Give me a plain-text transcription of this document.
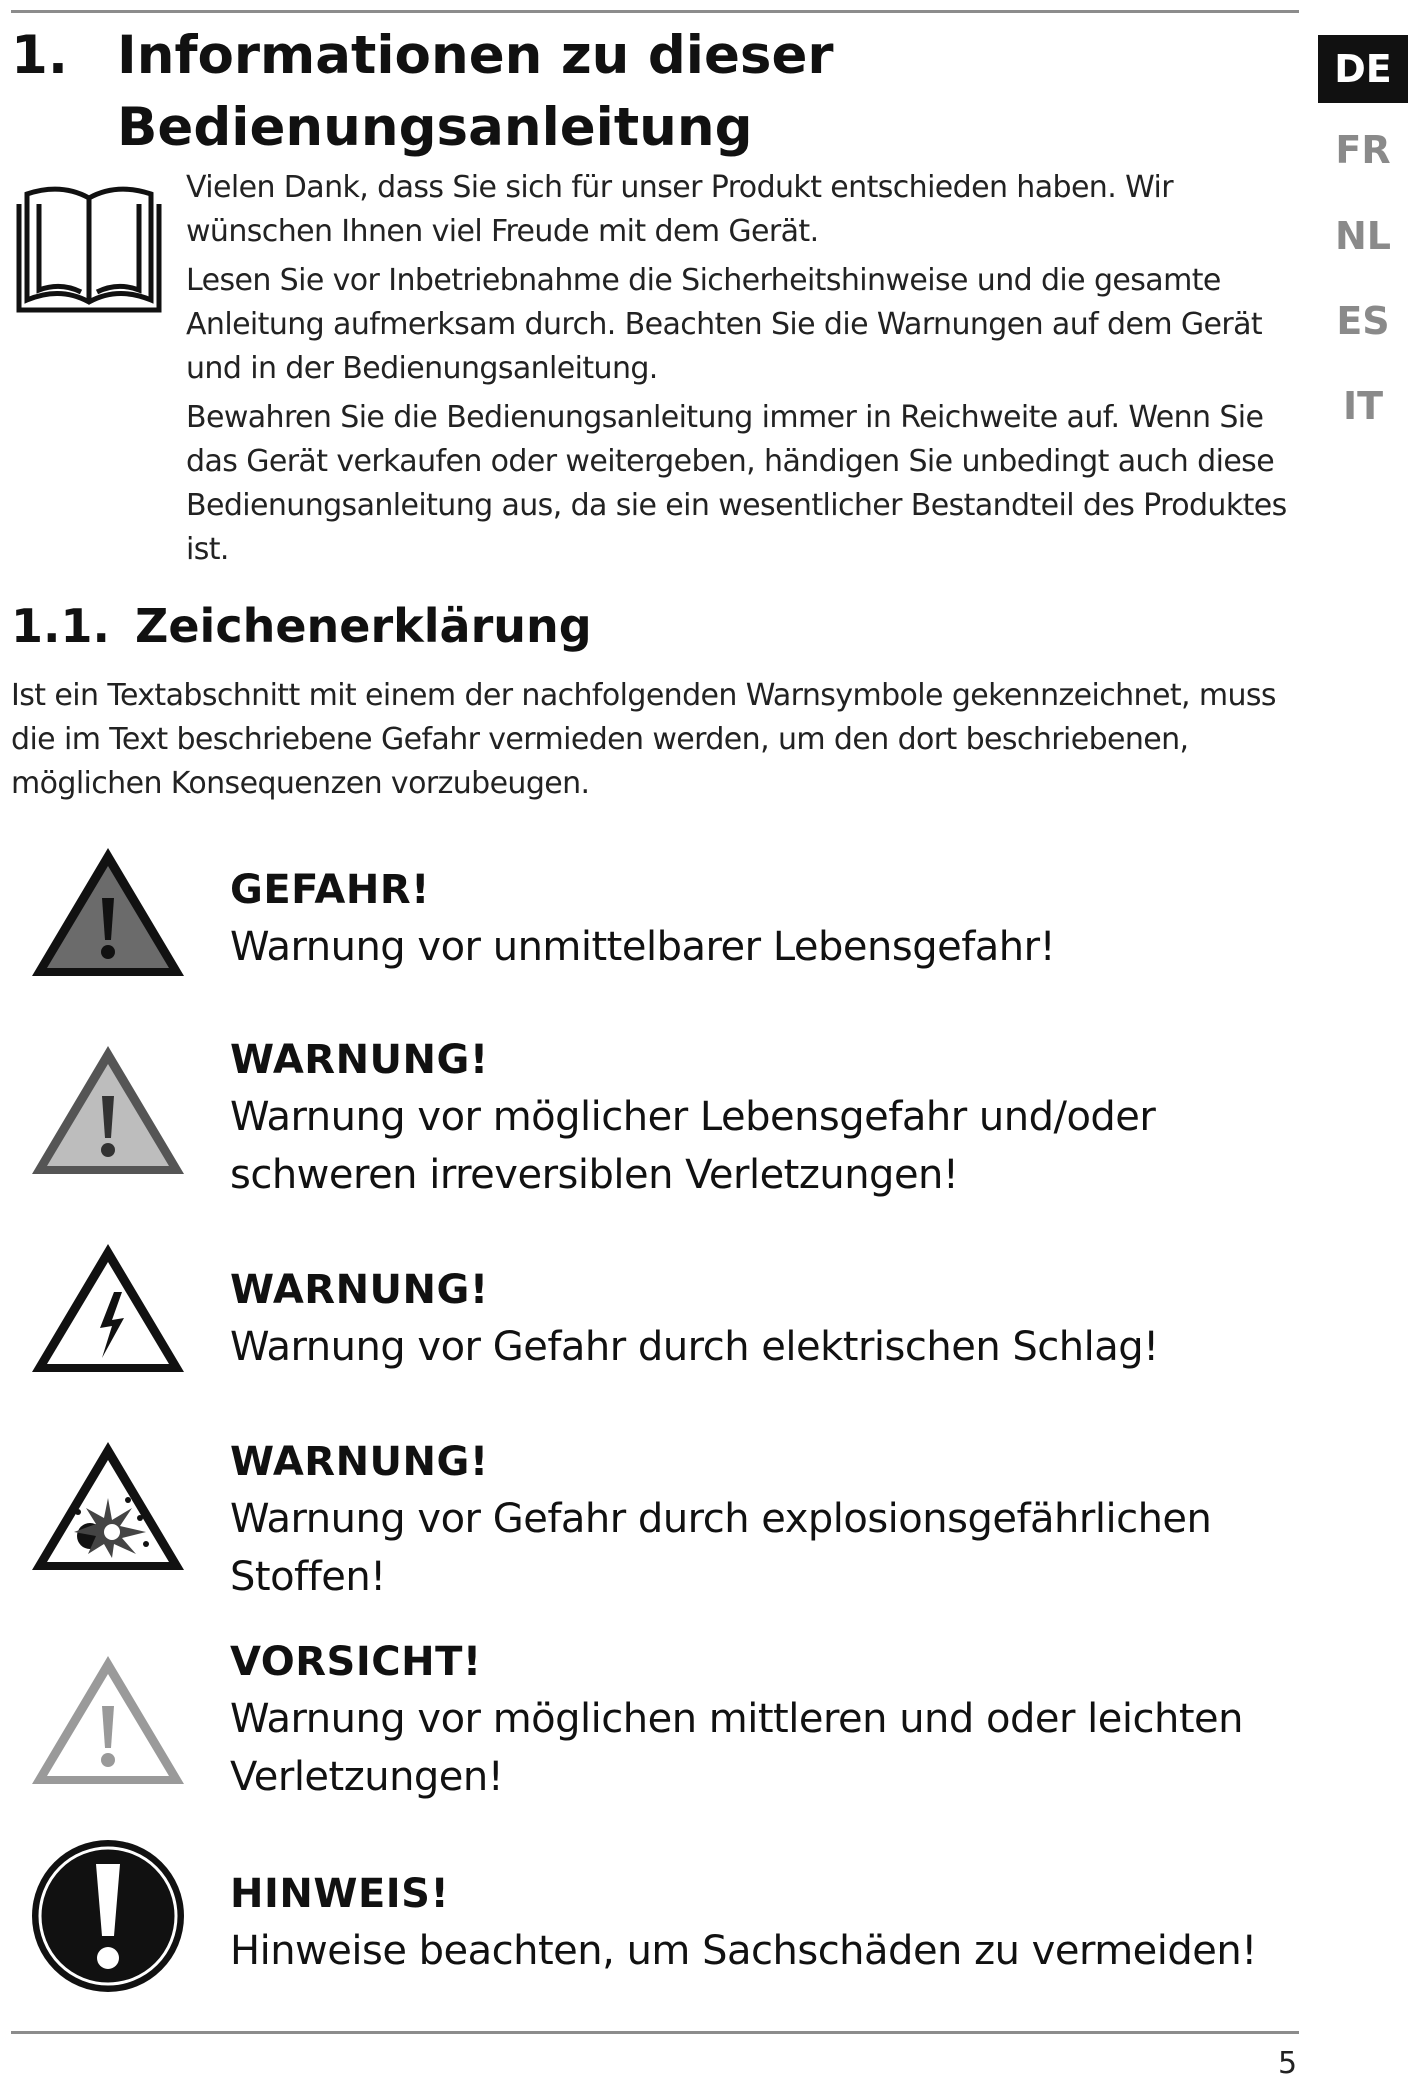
DE
FR
NL
ES
IT
1. Informationen zu dieser
Bedienungsanleitung

Vielen Dank, dass Sie sich für unser Produkt entschieden haben. Wir wünschen Ihnen viel Freude mit dem Gerät.

Lesen Sie vor Inbetriebnahme die Sicherheitshinweise und die gesamte Anleitung aufmerksam durch. Beachten Sie die Warnungen auf dem Gerät und in der Bedienungsanleitung.

Bewahren Sie die Bedienungsanleitung immer in Reichweite auf. Wenn Sie das Gerät verkaufen oder weitergeben, händigen Sie unbedingt auch diese Bedienungsanleitung aus, da sie ein wesentlicher Bestandteil des Produktes ist.

1.1. Zeichenerklärung
Ist ein Textabschnitt mit einem der nachfolgenden Warnsymbole gekennzeichnet, muss die im Text beschriebene Gefahr vermieden werden, um den dort beschriebenen, möglichen Konsequenzen vorzubeugen.
GEFAHR!
Warnung vor unmittelbarer Lebensgefahr!
WARNUNG!
Warnung vor möglicher Lebensgefahr und/oder schweren irreversiblen Verletzungen!
WARNUNG!
Warnung vor Gefahr durch elektrischen Schlag!
WARNUNG!
Warnung vor Gefahr durch explosionsgefährlichen Stoffen!
VORSICHT!
Warnung vor möglichen mittleren und oder leichten Verletzungen!
HINWEIS!
Hinweise beachten, um Sachschäden zu vermeiden!
5
